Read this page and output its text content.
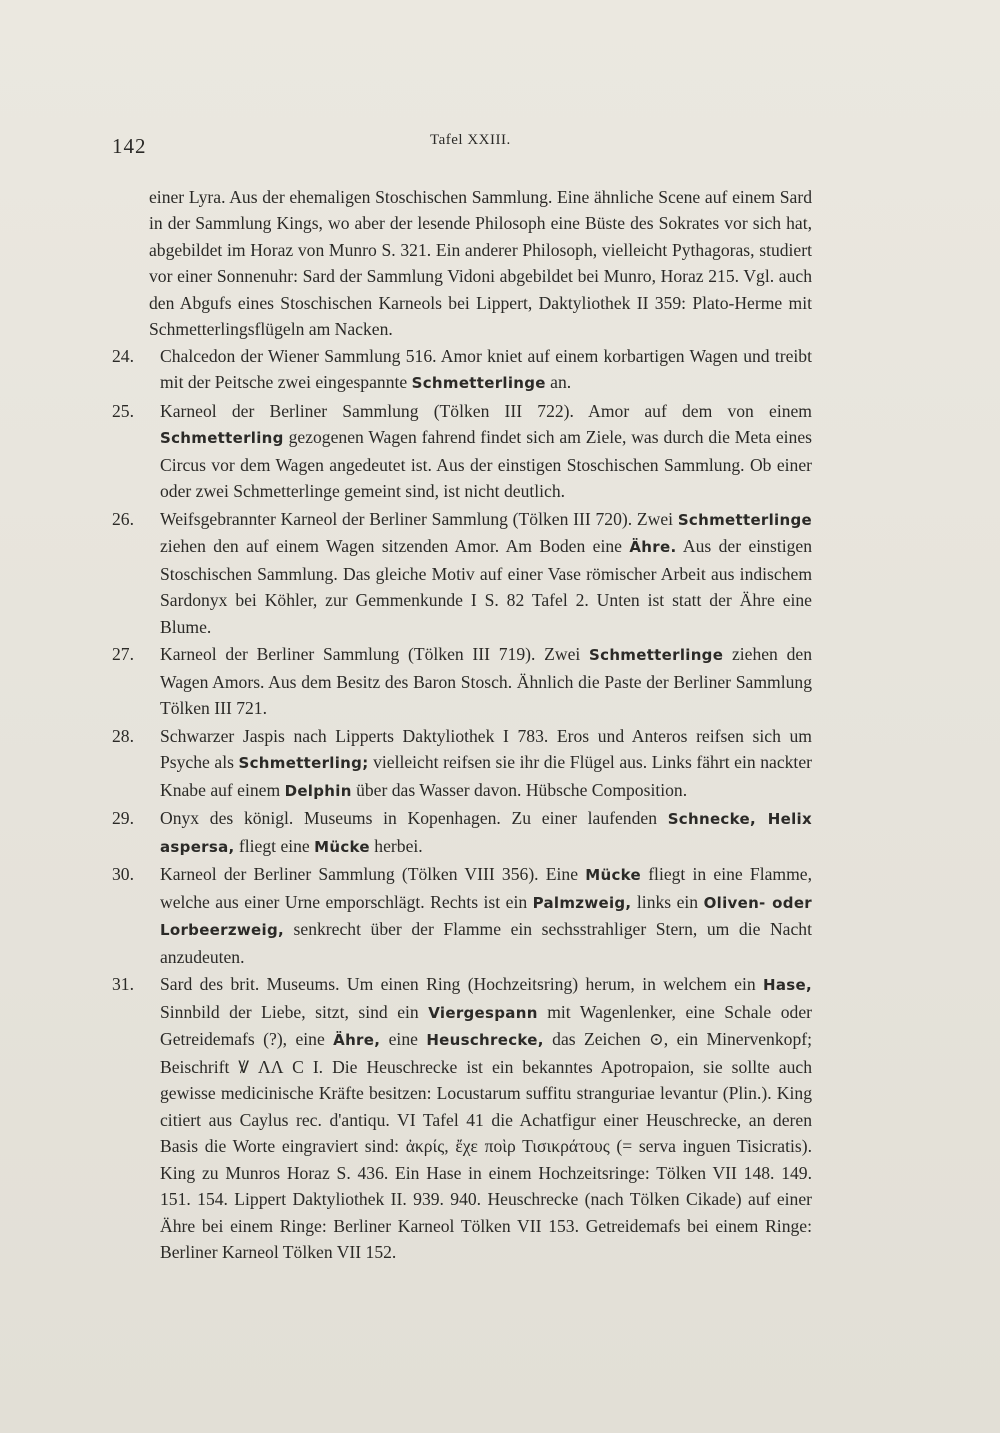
142	Tafel XXIII.

einer Lyra. Aus der ehemaligen Stoschischen Sammlung. Eine ähnliche Scene auf einem Sard in der Sammlung Kings, wo aber der lesende Philosoph eine Büste des Sokrates vor sich hat, abgebildet im Horaz von Munro S. 321. Ein anderer Philosoph, vielleicht Pythagoras, studiert vor einer Sonnenuhr: Sard der Sammlung Vidoni abgebildet bei Munro, Horaz 215. Vgl. auch den Abgufs eines Stoschischen Karneols bei Lippert, Daktyliothek II 359: Plato-Herme mit Schmetterlingsflügeln am Nacken.

24.	Chalcedon der Wiener Sammlung 516. Amor kniet auf einem korbartigen Wagen und treibt mit der Peitsche zwei eingespannte Schmetterlinge an.
25.	Karneol der Berliner Sammlung (Tölken III 722). Amor auf dem von einem Schmetterling gezogenen Wagen fahrend findet sich am Ziele, was durch die Meta eines Circus vor dem Wagen angedeutet ist. Aus der einstigen Stoschischen Sammlung. Ob einer oder zwei Schmetterlinge gemeint sind, ist nicht deutlich.
26.	Weifsgebrannter Karneol der Berliner Sammlung (Tölken III 720). Zwei Schmetterlinge ziehen den auf einem Wagen sitzenden Amor. Am Boden eine Ähre. Aus der einstigen Stoschischen Sammlung. Das gleiche Motiv auf einer Vase römischer Arbeit aus indischem Sardonyx bei Köhler, zur Gemmenkunde I S. 82 Tafel 2. Unten ist statt der Ähre eine Blume.
27.	Karneol der Berliner Sammlung (Tölken III 719). Zwei Schmetterlinge ziehen den Wagen Amors. Aus dem Besitz des Baron Stosch. Ähnlich die Paste der Berliner Sammlung Tölken III 721.
28.	Schwarzer Jaspis nach Lipperts Daktyliothek I 783. Eros und Anteros reifsen sich um Psyche als Schmetterling; vielleicht reifsen sie ihr die Flügel aus. Links fährt ein nackter Knabe auf einem Delphin über das Wasser davon. Hübsche Composition.
29.	Onyx des königl. Museums in Kopenhagen. Zu einer laufenden Schnecke, Helix aspersa, fliegt eine Mücke herbei.
30.	Karneol der Berliner Sammlung (Tölken VIII 356). Eine Mücke fliegt in eine Flamme, welche aus einer Urne emporschlägt. Rechts ist ein Palmzweig, links ein Oliven- oder Lorbeerzweig, senkrecht über der Flamme ein sechsstrahliger Stern, um die Nacht anzudeuten.
31.	Sard des brit. Museums. Um einen Ring (Hochzeitsring) herum, in welchem ein Hase, Sinnbild der Liebe, sitzt, sind ein Viergespann mit Wagenlenker, eine Schale oder Getreidemafs (?), eine Ähre, eine Heuschrecke, das Zeichen ⊙, ein Minervenkopf; Beischrift Ꝟ ΛΛ C I. Die Heuschrecke ist ein bekanntes Apotropaion, sie sollte auch gewisse medicinische Kräfte besitzen: Locustarum suffitu stranguriae levantur (Plin.). King citiert aus Caylus rec. d'antiqu. VI Tafel 41 die Achatfigur einer Heuschrecke, an deren Basis die Worte eingraviert sind: ἀκρίς, ἔχε ποὶρ Τισικράτους (= serva inguen Tisicratis). King zu Munros Horaz S. 436. Ein Hase in einem Hochzeitsringe: Tölken VII 148. 149. 151. 154. Lippert Daktyliothek II. 939. 940. Heuschrecke (nach Tölken Cikade) auf einer Ähre bei einem Ringe: Berliner Karneol Tölken VII 153. Getreidemafs bei einem Ringe: Berliner Karneol Tölken VII 152.
